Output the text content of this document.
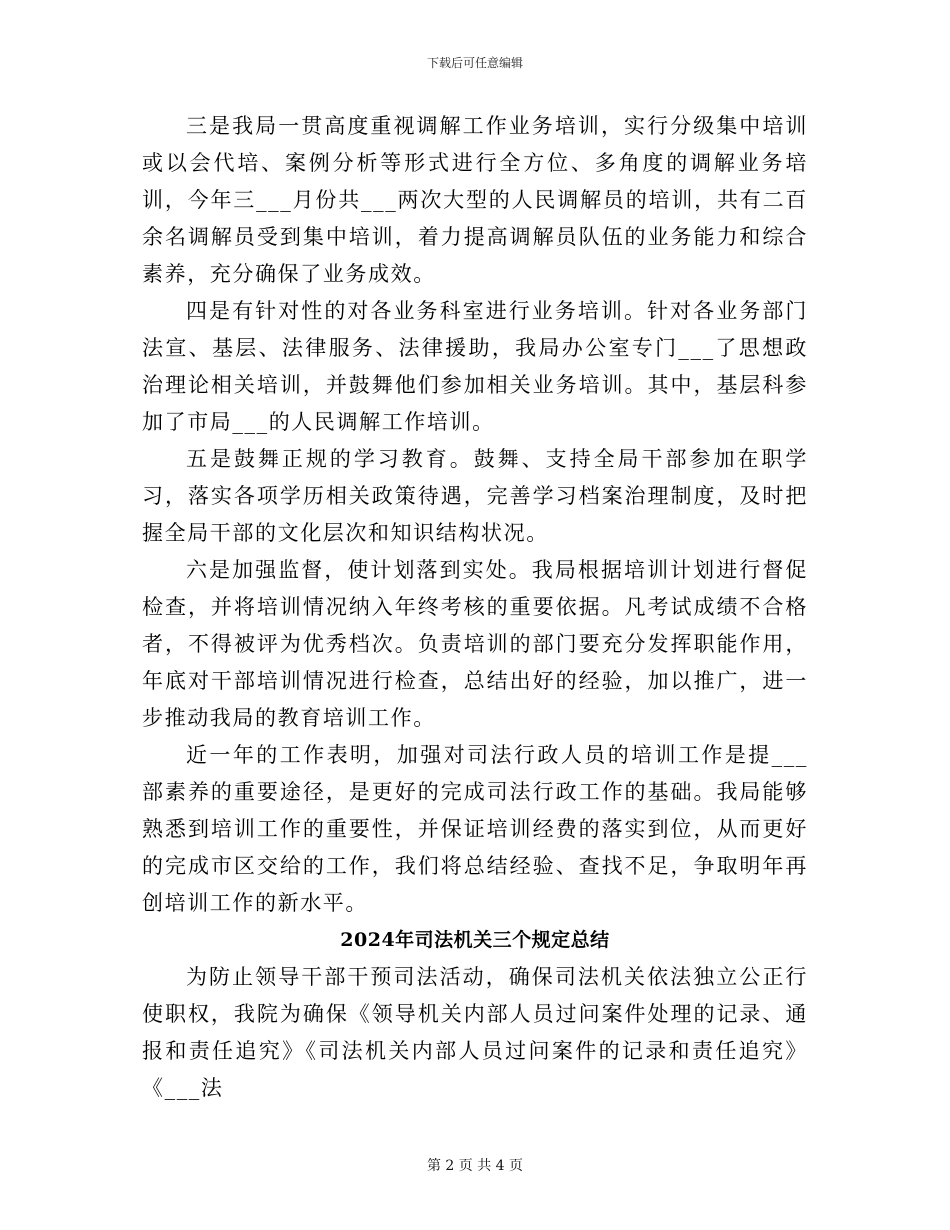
下载后可任意编辑

三是我局一贯高度重视调解工作业务培训，实行分级集中培训或以会代培、案例分析等形式进行全方位、多角度的调解业务培训，今年三___月份共___两次大型的人民调解员的培训，共有二百余名调解员受到集中培训，着力提高调解员队伍的业务能力和综合素养，充分确保了业务成效。

四是有针对性的对各业务科室进行业务培训。针对各业务部门法宣、基层、法律服务、法律援助，我局办公室专门___了思想政治理论相关培训，并鼓舞他们参加相关业务培训。其中，基层科参加了市局___的人民调解工作培训。

五是鼓舞正规的学习教育。鼓舞、支持全局干部参加在职学习，落实各项学历相关政策待遇，完善学习档案治理制度，及时把握全局干部的文化层次和知识结构状况。

六是加强监督，使计划落到实处。我局根据培训计划进行督促检查，并将培训情况纳入年终考核的重要依据。凡考试成绩不合格者，不得被评为优秀档次。负责培训的部门要充分发挥职能作用，年底对干部培训情况进行检查，总结出好的经验，加以推广，进一步推动我局的教育培训工作。

近一年的工作表明，加强对司法行政人员的培训工作是提___部素养的重要途径，是更好的完成司法行政工作的基础。我局能够熟悉到培训工作的重要性，并保证培训经费的落实到位，从而更好的完成市区交给的工作，我们将总结经验、查找不足，争取明年再创培训工作的新水平。

2024年司法机关三个规定总结

为防止领导干部干预司法活动，确保司法机关依法独立公正行使职权，我院为确保《领导机关内部人员过问案件处理的记录、通报和责任追究》《司法机关内部人员过问案件的记录和责任追究》《___法

第 2 页 共 4 页
